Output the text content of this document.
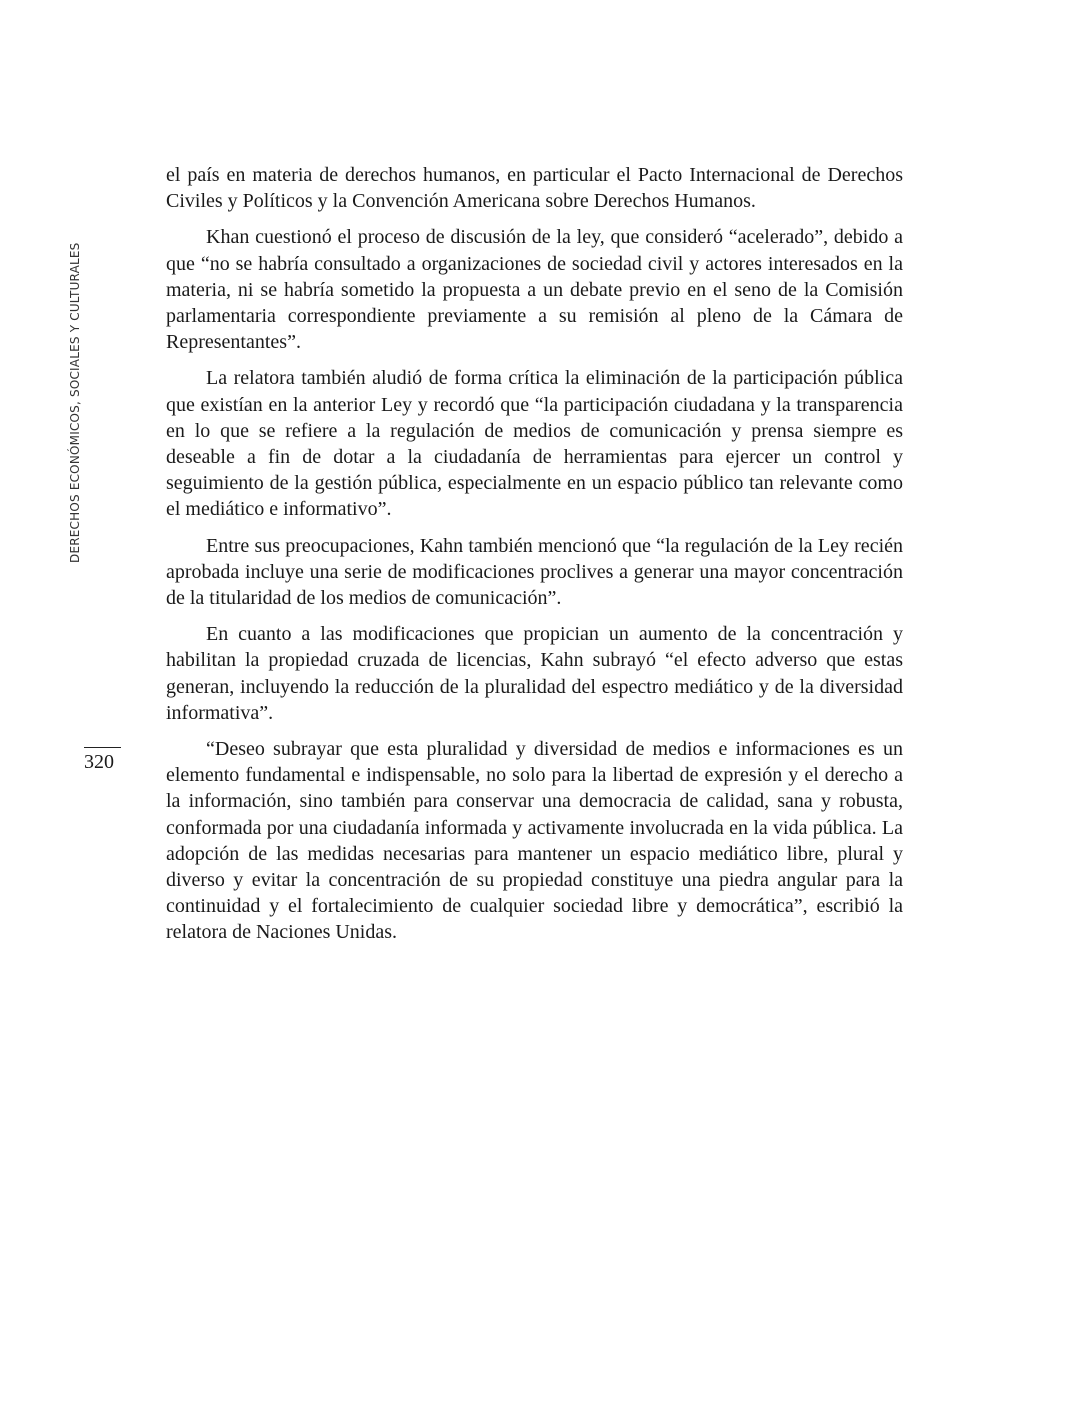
DERECHOS ECONÓMICOS, SOCIALES Y CULTURALES
320

el país en materia de derechos humanos, en particular el Pacto Internacional de Derechos Civiles y Políticos y la Convención Americana sobre Derechos Humanos.

Khan cuestionó el proceso de discusión de la ley, que consideró “acelerado”, debido a que “no se habría consultado a organizaciones de sociedad civil y actores interesados en la materia, ni se habría sometido la propuesta a un debate previo en el seno de la Comisión parlamentaria correspondiente previamente a su remisión al pleno de la Cámara de Representantes”.

La relatora también aludió de forma crítica la eliminación de la participación pública que existían en la anterior Ley y recordó que “la participación ciudadana y la transparencia en lo que se refiere a la regulación de medios de comunicación y prensa siempre es deseable a fin de dotar a la ciudadanía de herramientas para ejercer un control y seguimiento de la gestión pública, especialmente en un espacio público tan relevante como el mediático e informativo”.

Entre sus preocupaciones, Kahn también mencionó que “la regulación de la Ley recién aprobada incluye una serie de modificaciones proclives a generar una mayor concentración de la titularidad de los medios de comunicación”.

En cuanto a las modificaciones que propician un aumento de la concentración y habilitan la propiedad cruzada de licencias, Kahn subrayó “el efecto adverso que estas generan, incluyendo la reducción de la pluralidad del espectro mediático y de la diversidad informativa”.

“Deseo subrayar que esta pluralidad y diversidad de medios e informaciones es un elemento fundamental e indispensable, no solo para la libertad de expresión y el derecho a la información, sino también para conservar una democracia de calidad, sana y robusta, conformada por una ciudadanía informada y activamente involucrada en la vida pública. La adopción de las medidas necesarias para mantener un espacio mediático libre, plural y diverso y evitar la concentración de su propiedad constituye una piedra angular para la continuidad y el fortalecimiento de cualquier sociedad libre y democrática”, escribió la relatora de Naciones Unidas.
